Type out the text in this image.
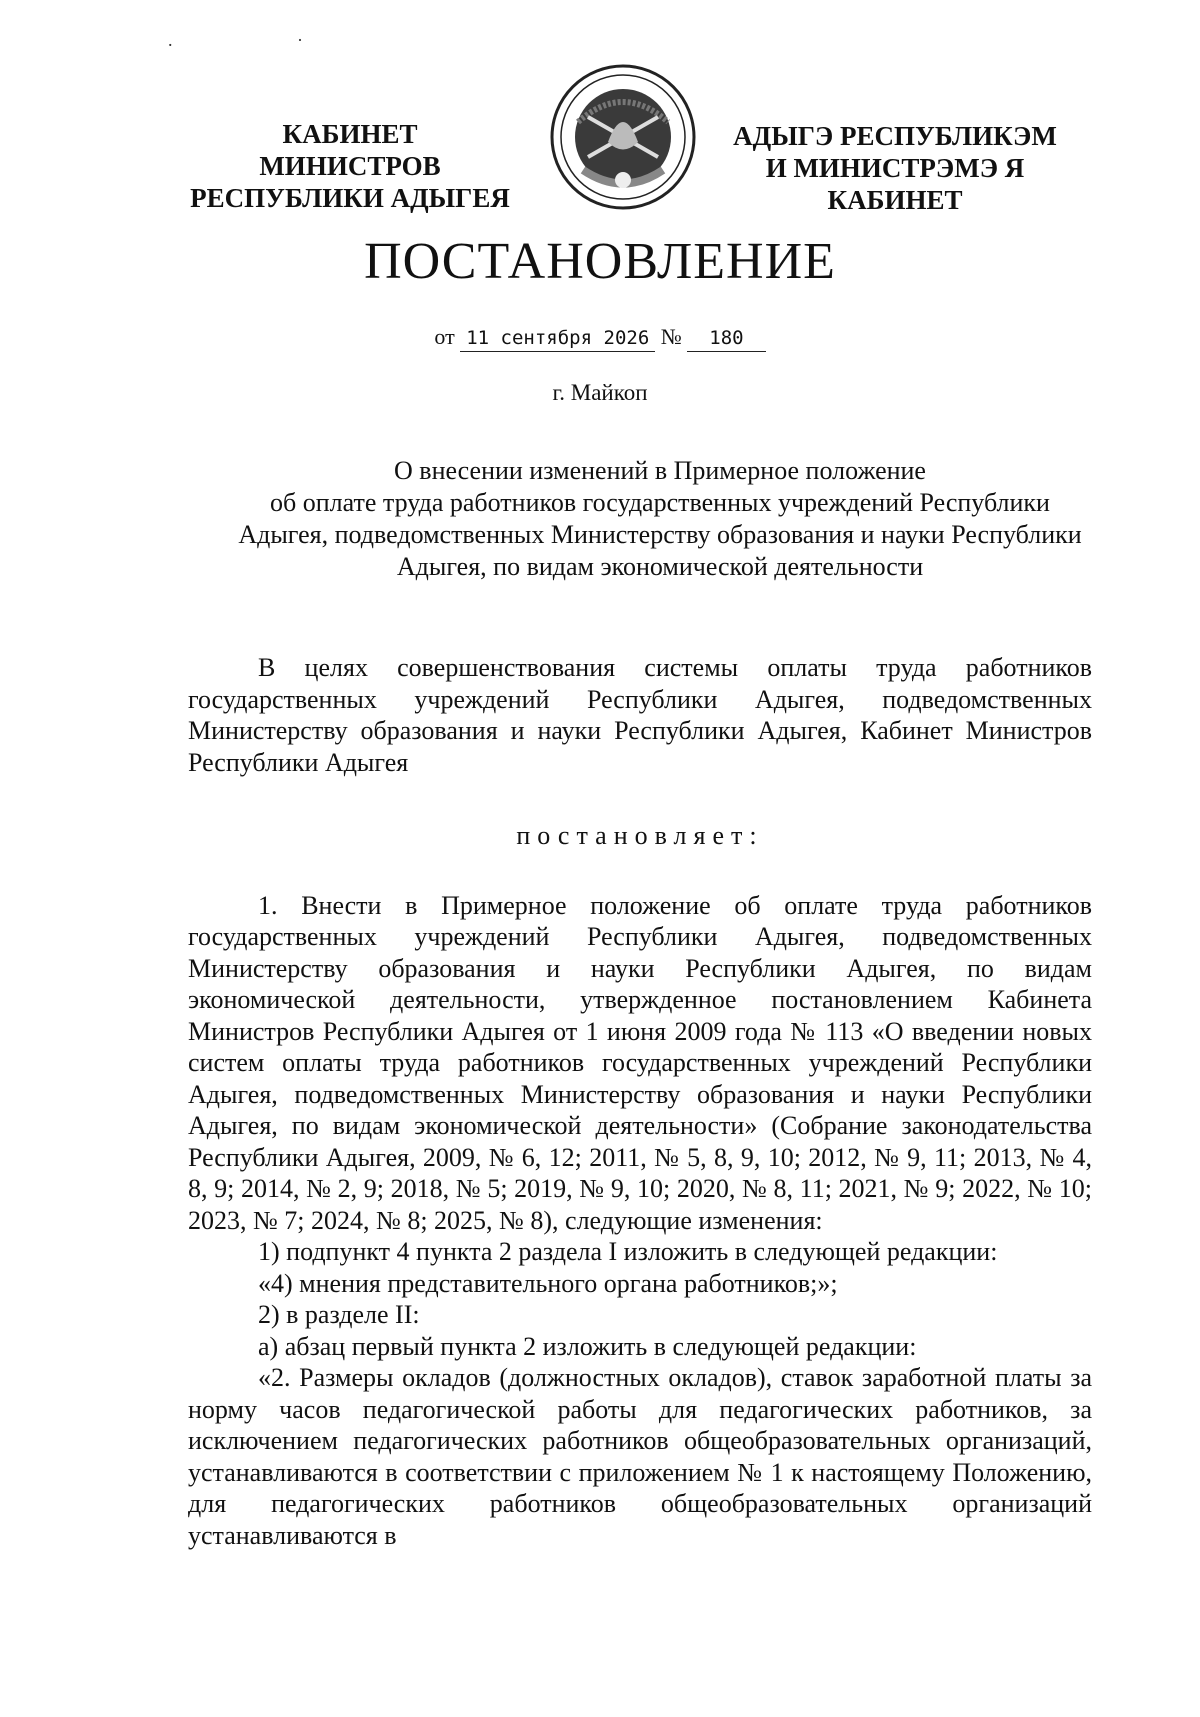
. ·
КАБИНЕТ МИНИСТРОВ
РЕСПУБЛИКИ АДЫГЕЯ
АДЫГЭ РЕСПУБЛИКЭМ
И МИНИСТРЭМЭ Я КАБИНЕТ
ПОСТАНОВЛЕНИЕ
от 11 сентября 2026 № 180
г. Майкоп
О внесении изменений в Примерное положение
об оплате труда работников государственных учреждений Республики
Адыгея, подведомственных Министерству образования и науки Республики
Адыгея, по видам экономической деятельности

В целях совершенствования системы оплаты труда работников государственных учреждений Республики Адыгея, подведомственных Министерству образования и науки Республики Адыгея, Кабинет Министров Республики Адыгея

постановляет:

1. Внести в Примерное положение об оплате труда работников государственных учреждений Республики Адыгея, подведомственных Министерству образования и науки Республики Адыгея, по видам экономической деятельности, утвержденное постановлением Кабинета Министров Республики Адыгея от 1 июня 2009 года № 113 «О введении новых систем оплаты труда работников государственных учреждений Республики Адыгея, подведомственных Министерству образования и науки Республики Адыгея, по видам экономической деятельности» (Собрание законодательства Республики Адыгея, 2009, № 6, 12; 2011, № 5, 8, 9, 10; 2012, № 9, 11; 2013, № 4, 8, 9; 2014, № 2, 9; 2018, № 5; 2019, № 9, 10; 2020, № 8, 11; 2021, № 9; 2022, № 10; 2023, № 7; 2024, № 8; 2025, № 8), следующие изменения:

1) подпункт 4 пункта 2 раздела I изложить в следующей редакции:

«4) мнения представительного органа работников;»;

2) в разделе II:

а) абзац первый пункта 2 изложить в следующей редакции:

«2. Размеры окладов (должностных окладов), ставок заработной платы за норму часов педагогической работы для педагогических работников, за исключением педагогических работников общеобразовательных организаций, устанавливаются в соответствии с приложением № 1 к настоящему Положению, для педагогических работников общеобразовательных организаций устанавливаются в
